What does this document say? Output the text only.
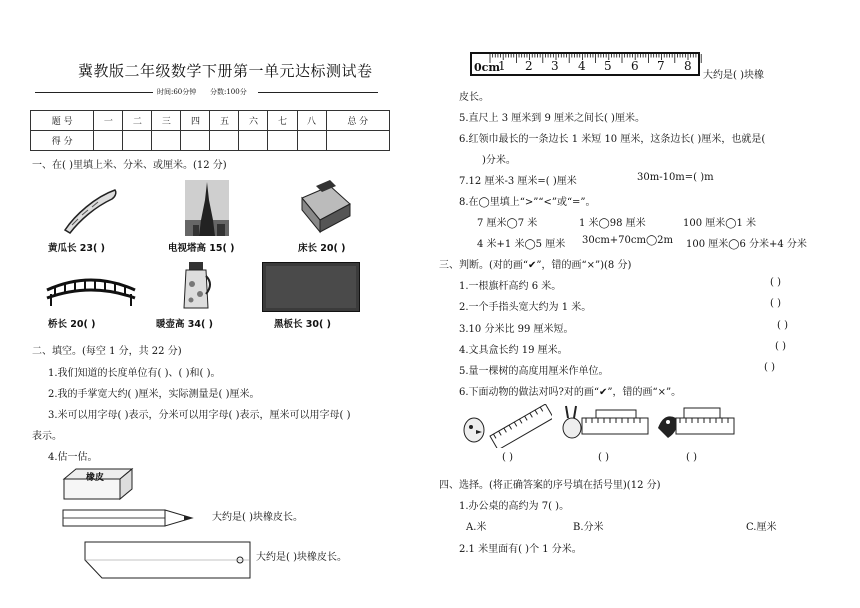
冀教版二年级数学下册第一单元达标测试卷
时间:60分钟 分数:100分
题 号	一	二	三	四	五	六	七	八	总 分
得 分									
一、在( )里填上米、分米、或厘米。(12 分)
黄瓜长 23( )	电视塔高 15( )	床长 20( )
桥长 20( )	暖壶高 34( )	黑板长 30( )
二、填空。(每空 1 分，共 22 分)
1.我们知道的长度单位有( )、( )和( )。
2.我的手掌宽大约( )厘米，实际测量是( )厘米。
3.米可以用字母( )表示，分米可以用字母( )表示，厘米可以用字母( )
表示。
4.估一估。
橡皮
大约是( )块橡皮长。
大约是( )块橡皮长。
0cm
1 2 3 4 5 6 7 8
大约是( )块橡
皮长。
5.直尺上 3 厘米到 9 厘米之间长( )厘米。
6.红领巾最长的一条边长 1 米短 10 厘米，这条边长( )厘米，也就是(
)分米。
7.12 厘米-3 厘米=( )厘米	30m-10m=( )m
8.在◯里填上“>”“<”或“=”。
7 厘米◯7 米	1 米◯98 厘米	100 厘米◯1 米
4 米+1 米◯5 厘米 30cm+70cm◯2m 100 厘米◯6 分米+4 分米
三、判断。(对的画“✔”，错的画“×”)(8 分)
1.一根旗杆高约 6 米。	( )
2.一个手指头宽大约为 1 米。	( )
3.10 分米比 99 厘米短。	( )
4.文具盒长约 19 厘米。	( )
5.量一棵树的高度用厘米作单位。	( )
6.下面动物的做法对吗?对的画“✔”，错的画“×”。
( )	( )	( )
四、选择。(将正确答案的序号填在括号里)(12 分)
1.办公桌的高约为 7( )。
A.米	B.分米	C.厘米
2.1 米里面有( )个 1 分米。
